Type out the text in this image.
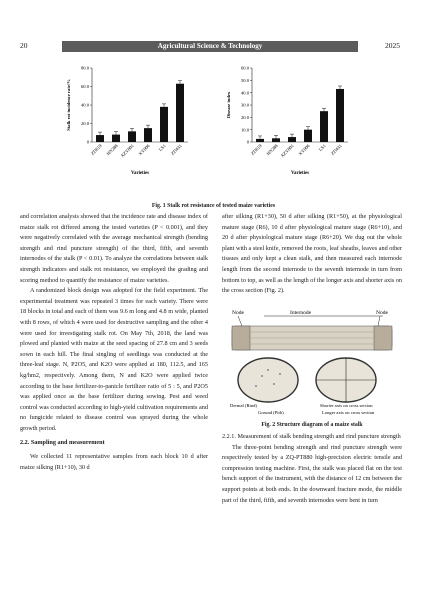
20	Agricultural Science & Technology	2025
0
20.0
40.0
60.0
80.0
Stalk rot incidence rate/%
ZD619 HN288 XZY801 XY006 LS1 ZD431
Varieties
0
10.0
20.0
30.0
40.0
50.0
60.0
Disease index
ZD619 HN288 XZY801 XY006 LS1 ZD431
Varieties
Fig. 1 Stalk rot resistance of tested maize varieties

and correlation analysis showed that the incidence rate and disease index of maize stalk rot differed among the tested varieties (P < 0.001), and they were negatively correlated with the average mechanical strength (bending strength and rind puncture strength) of the third, fifth, and seventh internodes of the stalk (P < 0.01). To analyze the correlations between stalk strength indicators and stalk rot resistance, we employed the grading and scoring method to quantify the resistance of maize varieties.

A randomized block design was adopted for the field experiment. The experimental treatment was repeated 3 times for each variety. There were 18 blocks in total and each of them was 9.6 m long and 4.8 m wide, planted with 8 rows, of which 4 were used for destructive sampling and the other 4 were used for investigating stalk rot. On May 7th, 2018, the land was plowed and planted with maize at the seed spacing of 27.8 cm and 3 seeds sown in each hill. The final singling of seedlings was conducted at the three-leaf stage. N, P2O5, and K2O were applied at 180, 112.5, and 165 kg/hm2, respectively. Among them, N and K2O were applied twice according to the base fertilizer-to-panicle fertilizer ratio of 5 : 5, and P2O5 was applied once as the base fertilizer during sowing. Pest and weed control was conducted according to high-yield cultivation requirements and no fungicide related to disease control was sprayed during the whole growth period.

2.2. Sampling and measurement

We collected 11 representative samples from each block 10 d after maize silking (R1+10), 30 d

after silking (R1+30), 50 d after silking (R1+50), at the physiological mature stage (R6), 10 d after physiological mature stage (R6+10), and 20 d after physiological mature stage (R6+20). We dug out the whole plant with a steel knife, removed the roots, leaf sheaths, leaves and other tissues and only kept a clean stalk, and then measured each internode length from the second internode to the seventh internode in turn from bottom to top, as well as the length of the longer axis and shorter axis on the cross section (Fig. 2).

Node	Internode	Node
Dermal (Rind)	Shorter axis on cross section
Ground (Pith)	Longer axis on cross section
Fig. 2 Structure diagram of a maize stalk

2.2.1. Measurement of stalk bending strength and rind puncture strength

The three-point bending strength and rind puncture strength were respectively tested by a ZQ-PT880 high-precision electric tensile and compression testing machine. First, the stalk was placed flat on the test bench support of the instrument, with the distance of 12 cm between the support points at both ends. In the downward fracture mode, the middle part of the third, fifth, and seventh internodes were bent in turn
